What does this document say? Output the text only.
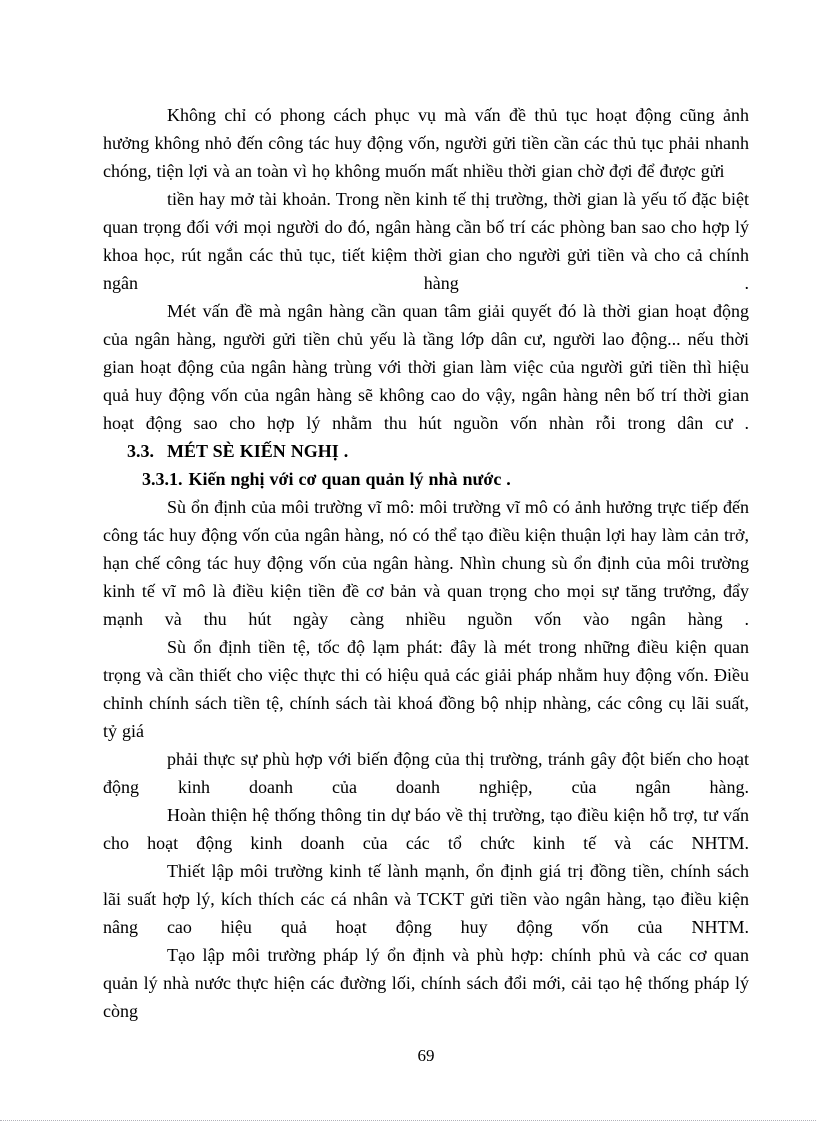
Không chỉ có phong cách phục vụ mà vấn đề thủ tục hoạt động cũng ảnh hưởng không nhỏ đến công tác huy động vốn, người gửi tiền cần các thủ tục phải nhanh chóng, tiện lợi và an toàn vì họ không muốn mất nhiều thời gian chờ đợi để được gửi

tiền hay mở tài khoản. Trong nền kinh tế thị trường, thời gian là yếu tố đặc biệt quan trọng đối với mọi người do đó, ngân hàng cần bố trí các phòng ban sao cho hợp lý khoa học, rút ngắn các thủ tục, tiết kiệm thời gian cho người gửi tiền và cho cả chính ngân hàng .

Mét vấn đề mà ngân hàng cần quan tâm giải quyết đó là thời gian hoạt động của ngân hàng, người gửi tiền chủ yếu là tầng lớp dân cư, người lao động... nếu thời gian hoạt động của ngân hàng trùng với thời gian làm việc của người gửi tiền thì hiệu quả huy động vốn của ngân hàng sẽ không cao do vậy, ngân hàng nên bố trí thời gian hoạt động sao cho hợp lý nhằm thu hút nguồn vốn nhàn rỗi trong dân cư .

3.3. MÉT SÈ KIẾN NGHỊ .

3.3.1. Kiến nghị với cơ quan quản lý nhà nước .

Sù ổn định của môi trường vĩ mô: môi trường vĩ mô có ảnh hưởng trực tiếp đến công tác huy động vốn của ngân hàng, nó có thể tạo điều kiện thuận lợi hay làm cản trở, hạn chế công tác huy động vốn của ngân hàng. Nhìn chung sù ổn định của môi trường kinh tế vĩ mô là điều kiện tiền đề cơ bản và quan trọng cho mọi sự tăng trưởng, đẩy mạnh và thu hút ngày càng nhiều nguồn vốn vào ngân hàng .

Sù ổn định tiền tệ, tốc độ lạm phát: đây là mét trong những điều kiện quan trọng và cần thiết cho việc thực thi có hiệu quả các giải pháp nhằm huy động vốn. Điều chỉnh chính sách tiền tệ, chính sách tài khoá đồng bộ nhịp nhàng, các công cụ lãi suất, tỷ giá

phải thực sự phù hợp với biến động của thị trường, tránh gây đột biến cho hoạt động kinh doanh của doanh nghiệp, của ngân hàng.

Hoàn thiện hệ thống thông tin dự báo về thị trường, tạo điều kiện hỗ trợ, tư vấn cho hoạt động kinh doanh của các tổ chức kinh tế và các NHTM.

Thiết lập môi trường kinh tế lành mạnh, ổn định giá trị đồng tiền, chính sách lãi suất hợp lý, kích thích các cá nhân và TCKT gửi tiền vào ngân hàng, tạo điều kiện nâng cao hiệu quả hoạt động huy động vốn của NHTM.

Tạo lập môi trường pháp lý ổn định và phù hợp: chính phủ và các cơ quan quản lý nhà nước thực hiện các đường lối, chính sách đổi mới, cải tạo hệ thống pháp lý còng

69
